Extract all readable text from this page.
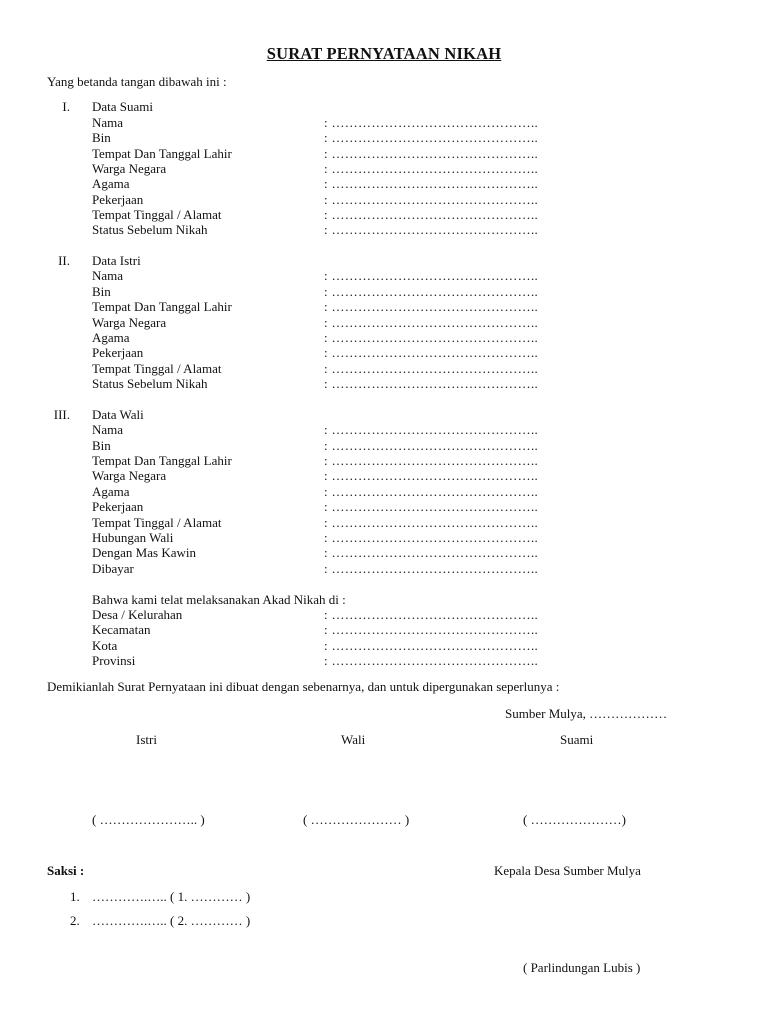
SURAT PERNYATAAN NIKAH
Yang betanda tangan dibawah ini :
I. Data Suami
Nama	: ………………………………………..
Bin	: ………………………………………..
Tempat Dan Tanggal Lahir	: ………………………………………..
Warga Negara	: ………………………………………..
Agama	: ………………………………………..
Pekerjaan	: ………………………………………..
Tempat Tinggal / Alamat	: ………………………………………..
Status Sebelum Nikah	: ………………………………………..
II. Data Istri
Nama	: ………………………………………..
Bin	: ………………………………………..
Tempat Dan Tanggal Lahir	: ………………………………………..
Warga Negara	: ………………………………………..
Agama	: ………………………………………..
Pekerjaan	: ………………………………………..
Tempat Tinggal / Alamat	: ………………………………………..
Status Sebelum Nikah	: ………………………………………..
III. Data Wali
Nama	: ………………………………………..
Bin	: ………………………………………..
Tempat Dan Tanggal Lahir	: ………………………………………..
Warga Negara	: ………………………………………..
Agama	: ………………………………………..
Pekerjaan	: ………………………………………..
Tempat Tinggal / Alamat	: ………………………………………..
Hubungan Wali	: ………………………………………..
Dengan Mas Kawin	: ………………………………………..
Dibayar	: ………………………………………..
Bahwa kami telat melaksanakan Akad Nikah di :
Desa / Kelurahan	: ………………………………………..
Kecamatan	: ………………………………………..
Kota	: ………………………………………..
Provinsi	: ………………………………………..
Demikianlah Surat Pernyataan ini dibuat dengan sebenarnya, dan untuk dipergunakan seperlunya :
Sumber Mulya, ………………
Istri	Wali	Suami
( ………………….. )	( ………………… )	( …………………)
Saksi :	Kepala Desa Sumber Mulya
1. ………….….. ( 1. ………… )
2. ………….….. ( 2. ………… )
( Parlindungan Lubis )
